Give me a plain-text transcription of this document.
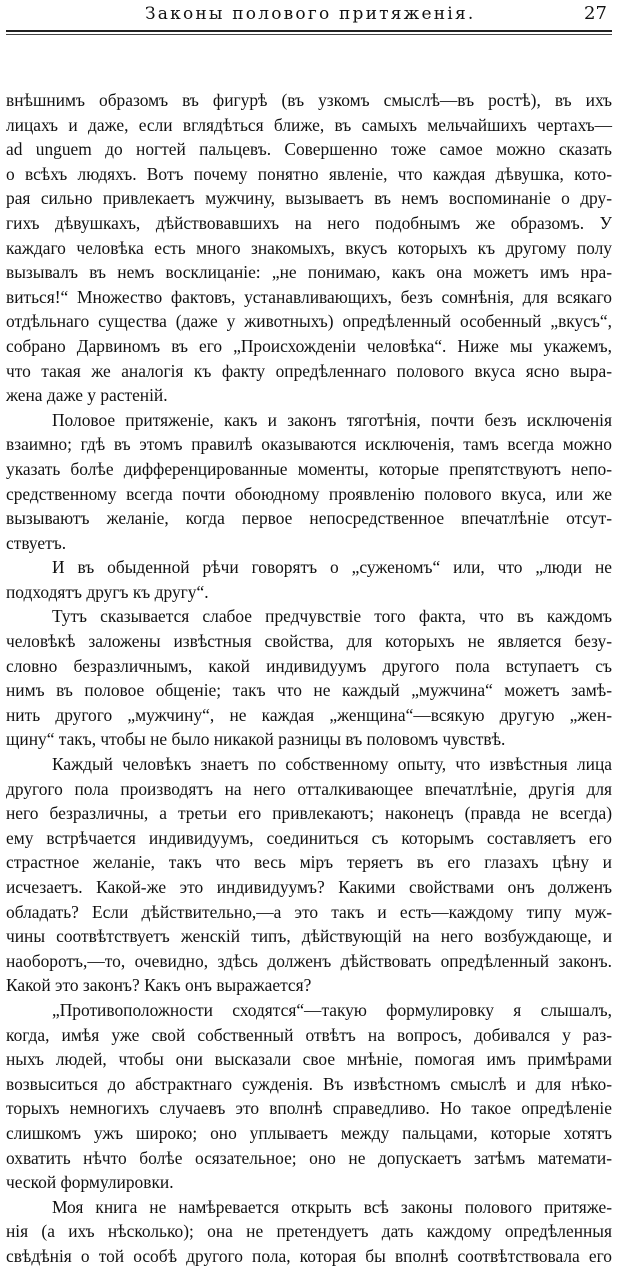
Законы полового притяженія.	27
внѣшнимъ образомъ въ фигурѣ (въ узкомъ смыслѣ—въ ростѣ), въ ихъ
лицахъ и даже, если вглядѣться ближе, въ самыхъ мельчайшихъ чертахъ—
ad unguem до ногтей пальцевъ. Совершенно тоже самое можно сказать
о всѣхъ людяхъ. Вотъ почему понятно явленіе, что каждая дѣвушка, кото-
рая сильно привлекаетъ мужчину, вызываетъ въ немъ воспоминаніе о дру-
гихъ дѣвушкахъ, дѣйствовавшихъ на него подобнымъ же образомъ. У
каждаго человѣка есть много знакомыхъ, вкусъ которыхъ къ другому полу
вызывалъ въ немъ восклицаніе: „не понимаю, какъ она можетъ имъ нра-
виться!“ Множество фактовъ, устанавливающихъ, безъ сомнѣнія, для всякаго
отдѣльнаго существа (даже у животныхъ) опредѣленный особенный „вкусъ“,
собрано Дарвиномъ въ его „Происхожденіи человѣка“. Ниже мы укажемъ,
что такая же аналогія къ факту опредѣленнаго полового вкуса ясно выра-
жена даже у растеній.
Половое притяженіе, какъ и законъ тяготѣнія, почти безъ исключенія
взаимно; гдѣ въ этомъ правилѣ оказываются исключенія, тамъ всегда можно
указать болѣе дифференцированные моменты, которые препятствуютъ непо-
средственному всегда почти обоюдному проявленію полового вкуса, или же
вызываютъ желаніе, когда первое непосредственное впечатлѣніе отсут-
ствуетъ.
И въ обыденной рѣчи говорятъ о „суженомъ“ или, что „люди не
подходятъ другъ къ другу“.
Тутъ сказывается слабое предчувствіе того факта, что въ каждомъ
человѣкѣ заложены извѣстныя свойства, для которыхъ не является безу-
словно безразличнымъ, какой индивидуумъ другого пола вступаетъ съ
нимъ въ половое общеніе; такъ что не каждый „мужчина“ можетъ замѣ-
нить другого „мужчину“, не каждая „женщина“—всякую другую „жен-
щину“ такъ, чтобы не было никакой разницы въ половомъ чувствѣ.
Каждый человѣкъ знаетъ по собственному опыту, что извѣстныя лица
другого пола производятъ на него отталкивающее впечатлѣніе, другія для
него безразличны, а третьи его привлекаютъ; наконецъ (правда не всегда)
ему встрѣчается индивидуумъ, соединиться съ которымъ составляетъ его
страстное желаніе, такъ что весь міръ теряетъ въ его глазахъ цѣну и
исчезаетъ. Какой-же это индивидуумъ? Какими свойствами онъ долженъ
обладать? Если дѣйствительно,—а это такъ и есть—каждому типу муж-
чины соотвѣтствуетъ женскій типъ, дѣйствующій на него возбуждающе, и
наоборотъ,—то, очевидно, здѣсь долженъ дѣйствовать опредѣленный законъ.
Какой это законъ? Какъ онъ выражается?
„Противоположности сходятся“—такую формулировку я слышалъ,
когда, имѣя уже свой собственный отвѣтъ на вопросъ, добивался у раз-
ныхъ людей, чтобы они высказали свое мнѣніе, помогая имъ примѣрами
возвыситься до абстрактнаго сужденія. Въ извѣстномъ смыслѣ и для нѣко-
торыхъ немногихъ случаевъ это вполнѣ справедливо. Но такое опредѣленіе
слишкомъ ужъ широко; оно уплываетъ между пальцами, которые хотятъ
охватить нѣчто болѣе осязательное; оно не допускаетъ затѣмъ математи-
ческой формулировки.
Моя книга не намѣревается открыть всѣ законы полового притяже-
нія (а ихъ нѣсколько); она не претендуетъ дать каждому опредѣленныя
свѣдѣнія о той особѣ другого пола, которая бы вполнѣ соотвѣтствовала его
